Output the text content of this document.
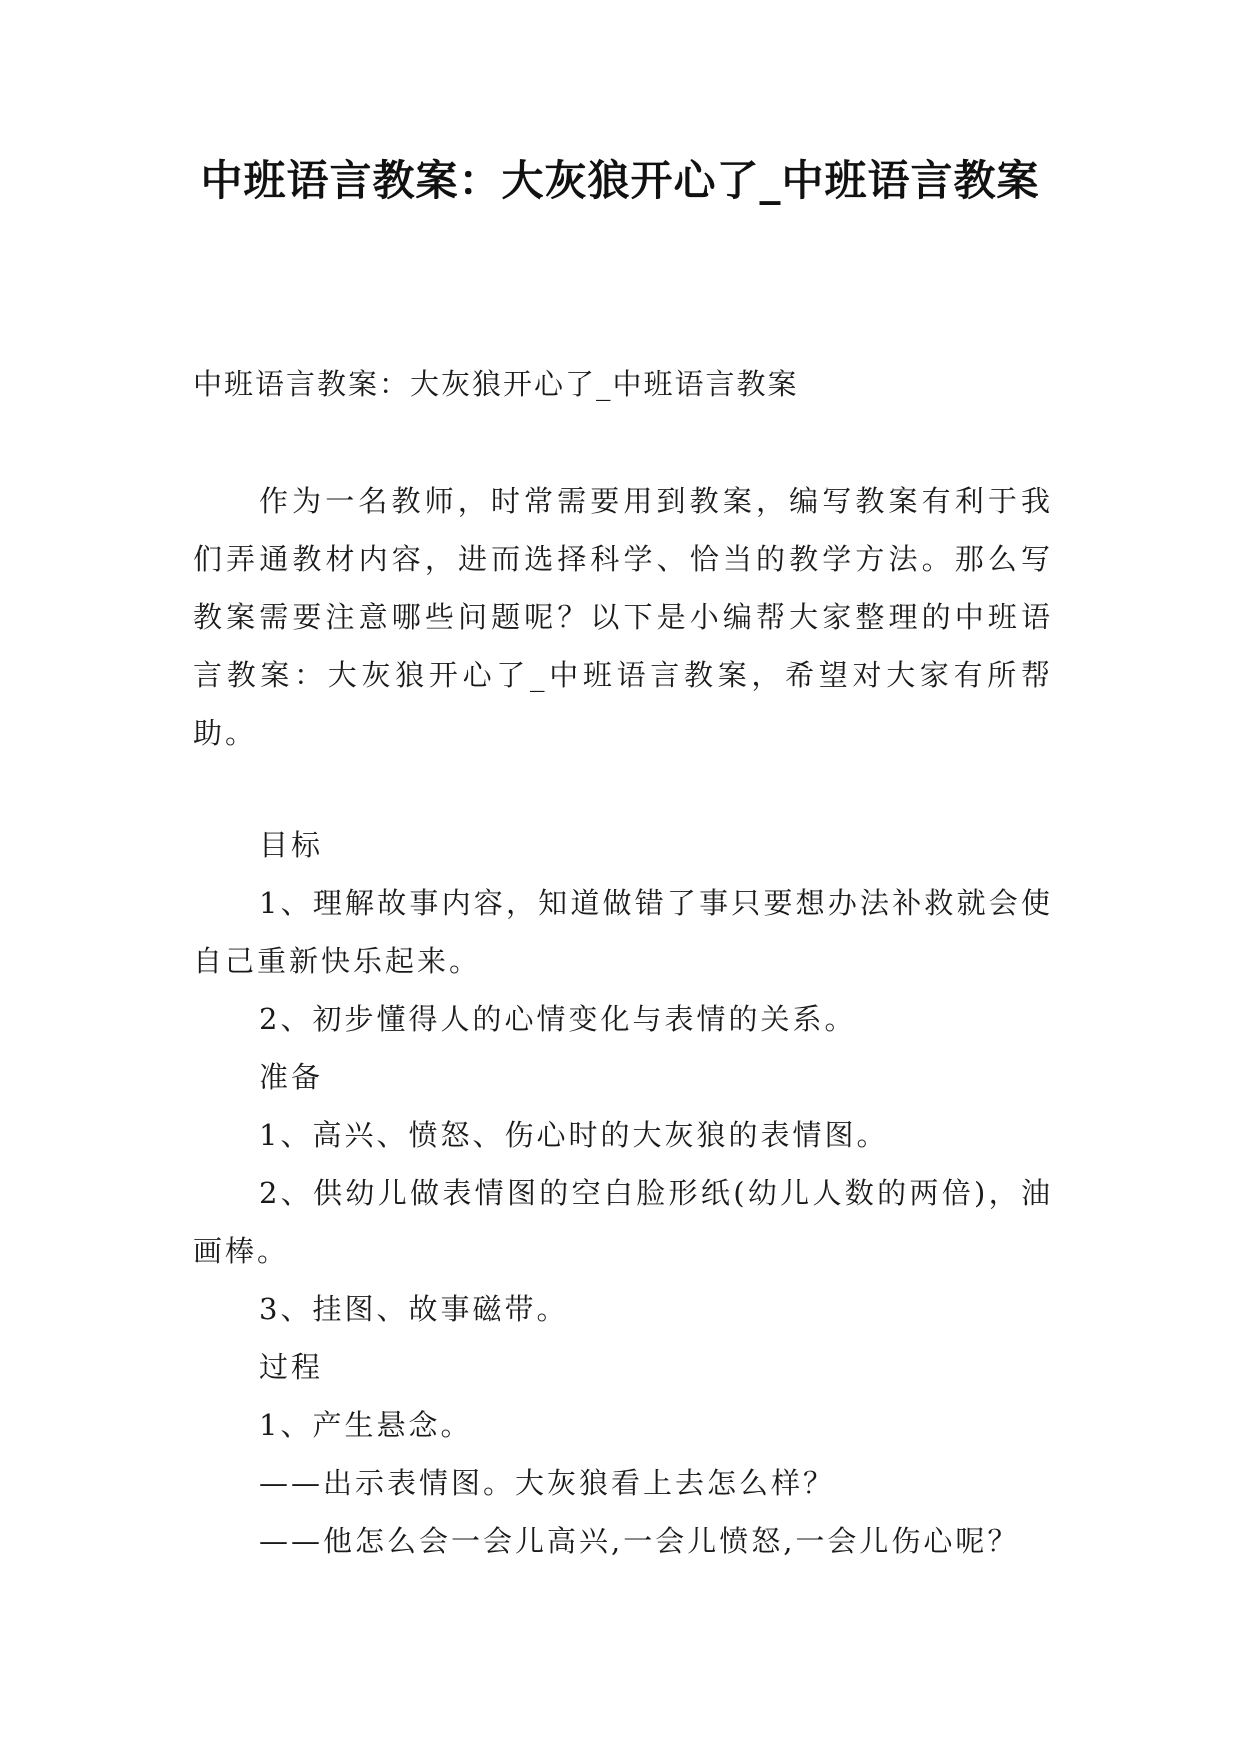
中班语言教案：大灰狼开心了_中班语言教案
中班语言教案：大灰狼开心了_中班语言教案
作为一名教师，时常需要用到教案，编写教案有利于我们弄通教材内容，进而选择科学、恰当的教学方法。那么写教案需要注意哪些问题呢？以下是小编帮大家整理的中班语言教案：大灰狼开心了_中班语言教案，希望对大家有所帮助。

目标

1、理解故事内容，知道做错了事只要想办法补救就会使自己重新快乐起来。

2、初步懂得人的心情变化与表情的关系。

准备

1、高兴、愤怒、伤心时的大灰狼的表情图。

2、供幼儿做表情图的空白脸形纸(幼儿人数的两倍)，油画棒。

3、挂图、故事磁带。

过程

1、产生悬念。

——出示表情图。大灰狼看上去怎么样？

——他怎么会一会儿高兴,一会儿愤怒,一会儿伤心呢？
